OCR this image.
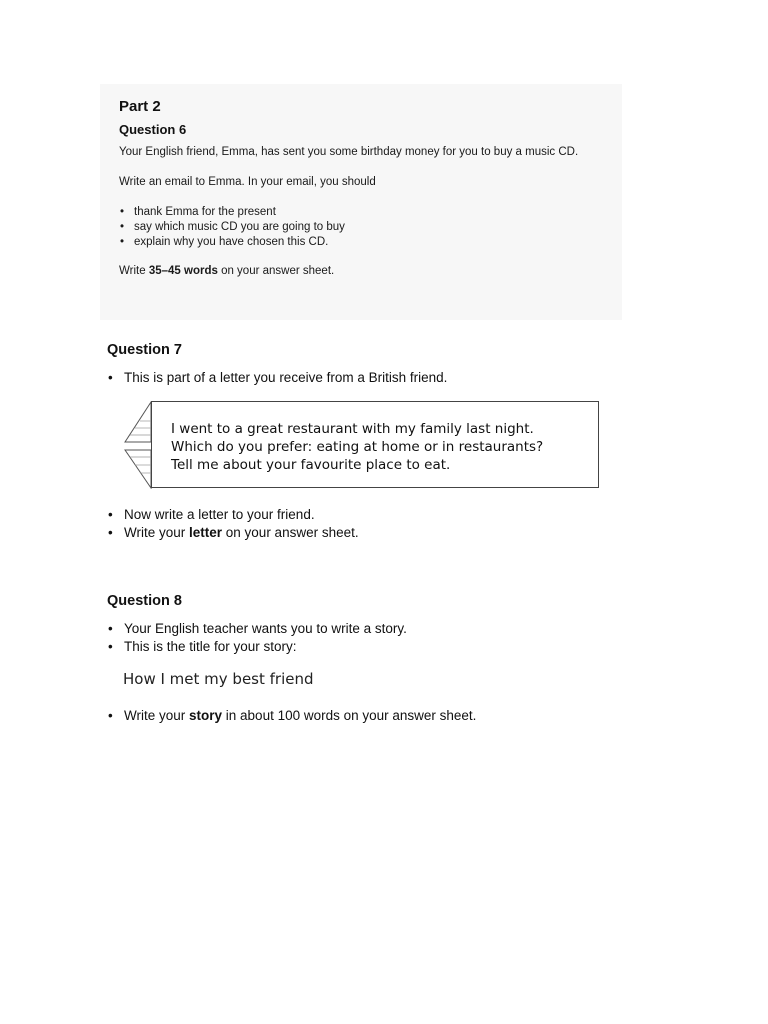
Part 2
Question 6
Your English friend, Emma, has sent you some birthday money for you to buy a music CD.
Write an email to Emma. In your email, you should
• thank Emma for the present
• say which music CD you are going to buy
• explain why you have chosen this CD.
Write 35–45 words on your answer sheet.
Question 7
• This is part of a letter you receive from a British friend.
I went to a great restaurant with my family last night.
Which do you prefer: eating at home or in restaurants?
Tell me about your favourite place to eat.
• Now write a letter to your friend.
• Write your letter on your answer sheet.
Question 8
• Your English teacher wants you to write a story.
• This is the title for your story:
How I met my best friend
• Write your story in about 100 words on your answer sheet.
